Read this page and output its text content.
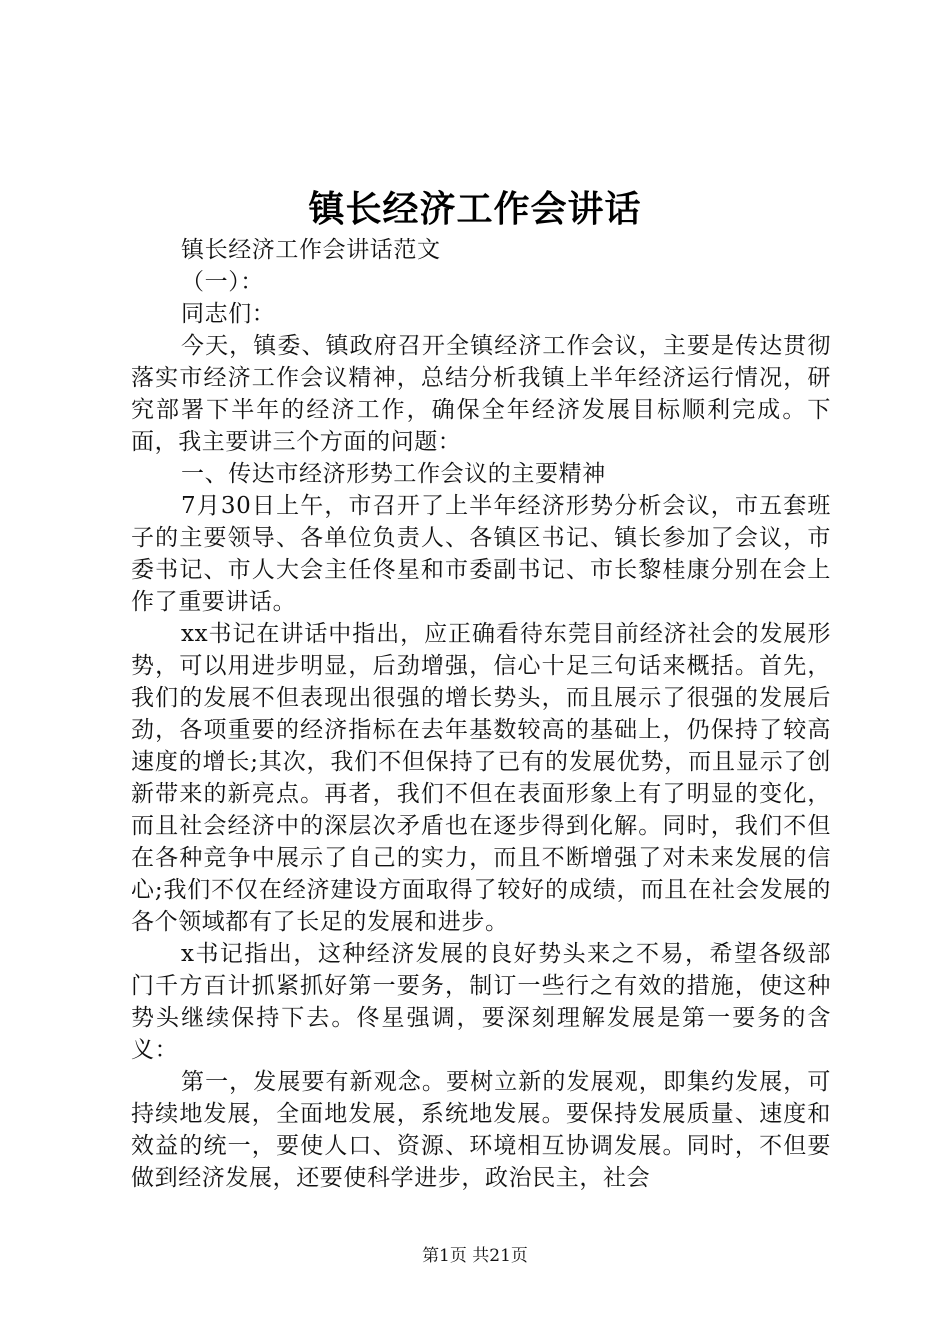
镇长经济工作会讲话

镇长经济工作会讲话范文

（一）：

同志们：

今天，镇委、镇政府召开全镇经济工作会议，主要是传达贯彻落实市经济工作会议精神，总结分析我镇上半年经济运行情况，研究部署下半年的经济工作，确保全年经济发展目标顺利完成。下面，我主要讲三个方面的问题：

一、传达市经济形势工作会议的主要精神

7月30日上午，市召开了上半年经济形势分析会议，市五套班子的主要领导、各单位负责人、各镇区书记、镇长参加了会议，市委书记、市人大会主任佟星和市委副书记、市长黎桂康分别在会上作了重要讲话。

xx书记在讲话中指出，应正确看待东莞目前经济社会的发展形势，可以用进步明显，后劲增强，信心十足三句话来概括。首先，我们的发展不但表现出很强的增长势头，而且展示了很强的发展后劲，各项重要的经济指标在去年基数较高的基础上，仍保持了较高速度的增长;其次，我们不但保持了已有的发展优势，而且显示了创新带来的新亮点。再者，我们不但在表面形象上有了明显的变化，而且社会经济中的深层次矛盾也在逐步得到化解。同时，我们不但在各种竞争中展示了自己的实力，而且不断增强了对未来发展的信心;我们不仅在经济建设方面取得了较好的成绩，而且在社会发展的各个领域都有了长足的发展和进步。

x书记指出，这种经济发展的良好势头来之不易，希望各级部门千方百计抓紧抓好第一要务，制订一些行之有效的措施，使这种势头继续保持下去。佟星强调，要深刻理解发展是第一要务的含义：

第一，发展要有新观念。要树立新的发展观，即集约发展，可持续地发展，全面地发展，系统地发展。要保持发展质量、速度和效益的统一，要使人口、资源、环境相互协调发展。同时，不但要做到经济发展，还要使科学进步，政治民主，社会

第1页 共21页
